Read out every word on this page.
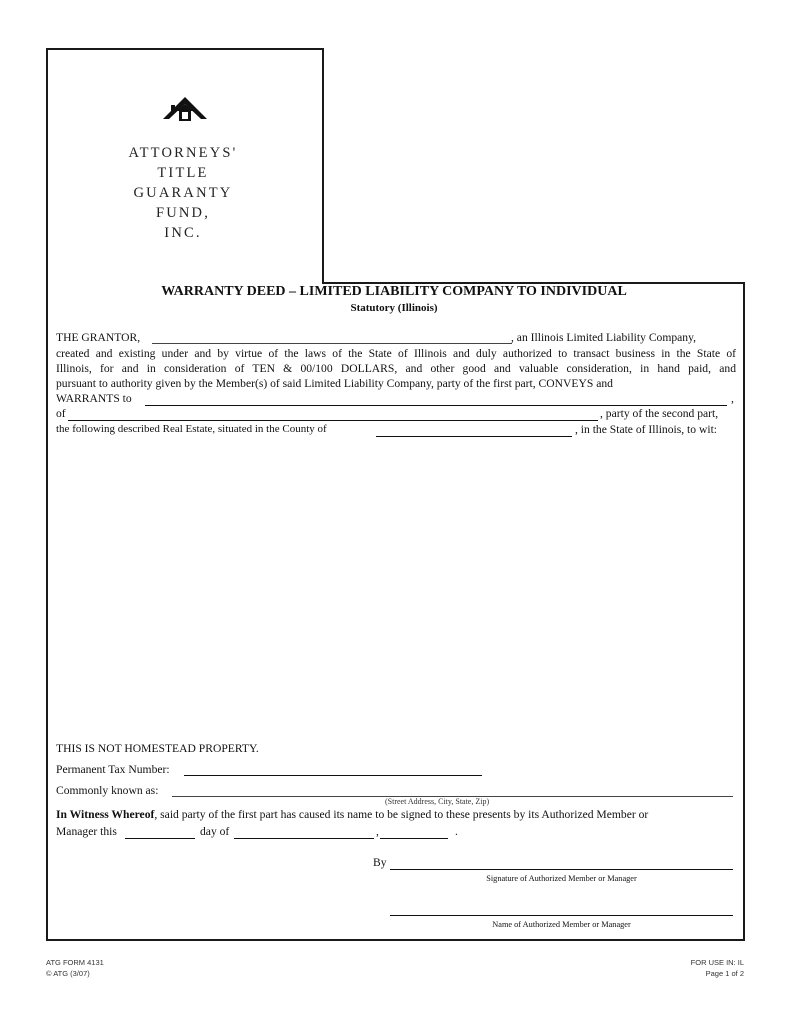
ATTORNEYS'
TITLE
GUARANTY
FUND,
INC.
WARRANTY DEED – LIMITED LIABILITY COMPANY TO INDIVIDUAL
Statutory (Illinois)
THE GRANTOR,	, an Illinois Limited Liability Company,
created and existing under and by virtue of the laws of the State of Illinois and duly authorized to transact business in the State of
Illinois, for and in consideration of TEN & 00/100 DOLLARS, and other good and valuable consideration, in hand paid, and
pursuant to authority given by the Member(s) of said Limited Liability Company, party of the first part, CONVEYS and
WARRANTS to	,
of	, party of the second part,
the following described Real Estate, situated in the County of	, in the State of Illinois, to wit:
THIS IS NOT HOMESTEAD PROPERTY.
Permanent Tax Number:
Commonly known as:
(Street Address, City, State, Zip)
In Witness Whereof, said party of the first part has caused its name to be signed to these presents by its Authorized Member or
Manager this	day of	,	.
By
Signature of Authorized Member or Manager
Name of Authorized Member or Manager
ATG FORM 4131
© ATG (3/07)
FOR USE IN: IL
Page 1 of 2
